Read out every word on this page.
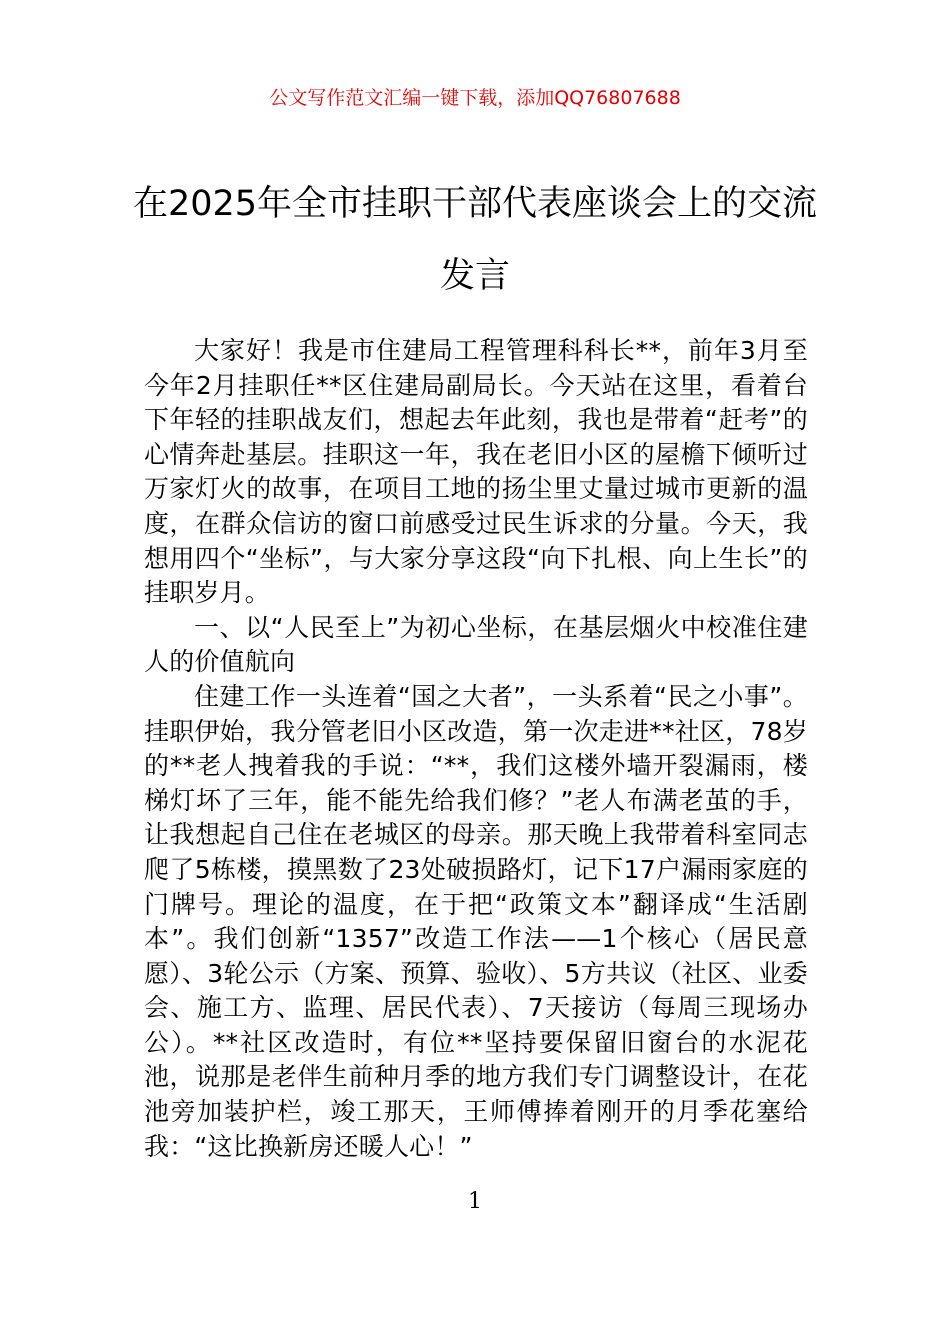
公文写作范文汇编一键下载，添加QQ76807688
在2025年全市挂职干部代表座谈会上的交流发言

大家好！我是市住建局工程管理科科长**，前年3月至今年2月挂职任**区住建局副局长。今天站在这里，看着台下年轻的挂职战友们，想起去年此刻，我也是带着“赶考”的心情奔赴基层。挂职这一年，我在老旧小区的屋檐下倾听过万家灯火的故事，在项目工地的扬尘里丈量过城市更新的温度，在群众信访的窗口前感受过民生诉求的分量。今天，我想用四个“坐标”，与大家分享这段“向下扎根、向上生长”的挂职岁月。

一、以“人民至上”为初心坐标，在基层烟火中校准住建人的价值航向

住建工作一头连着“国之大者”，一头系着“民之小事”。挂职伊始，我分管老旧小区改造，第一次走进**社区，78岁的**老人拽着我的手说：“**，我们这楼外墙开裂漏雨，楼梯灯坏了三年，能不能先给我们修？”老人布满老茧的手，让我想起自己住在老城区的母亲。那天晚上我带着科室同志爬了5栋楼，摸黑数了23处破损路灯，记下17户漏雨家庭的门牌号。理论的温度，在于把“政策文本”翻译成“生活剧本”。我们创新“1357”改造工作法——1个核心（居民意愿）、3轮公示（方案、预算、验收）、5方共议（社区、业委会、施工方、监理、居民代表）、7天接访（每周三现场办公）。**社区改造时，有位**坚持要保留旧窗台的水泥花池，说那是老伴生前种月季的地方我们专门调整设计，在花池旁加装护栏，竣工那天，王师傅捧着刚开的月季花塞给我：“这比换新房还暖人心！”

1
